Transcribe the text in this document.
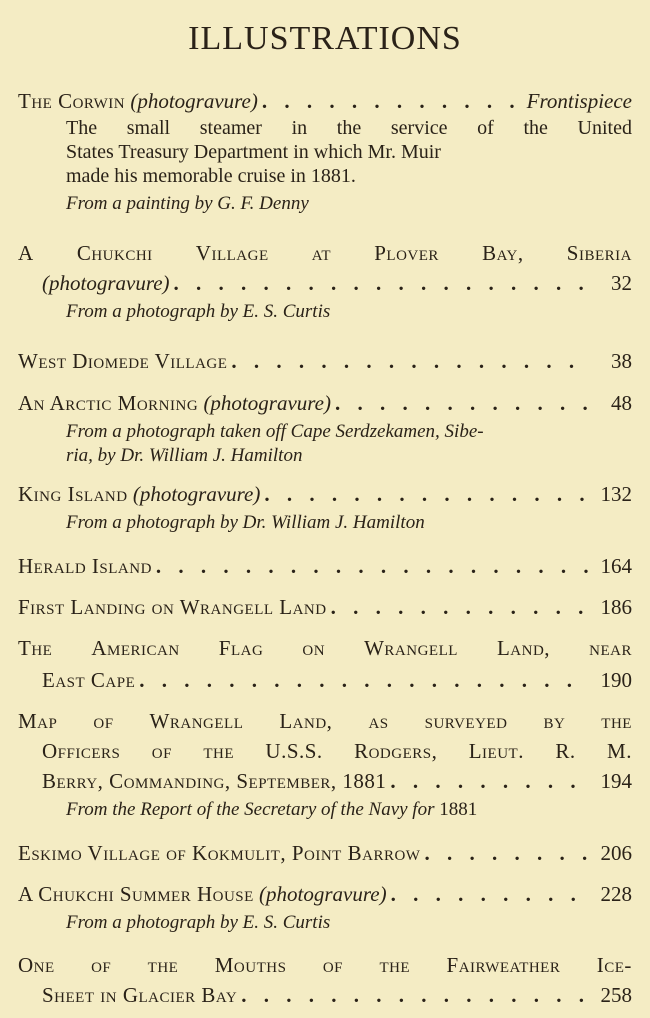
ILLUSTRATIONS
The Corwin
(photogravure) . . .	Frontispiece
The small steamer in the service of the United
States Treasury Department in which Mr. Muir
made his memorable cruise in 1881.
From a painting by G. F. Denny
A Chukchi Village at Plover Bay, Siberia
(photogravure) . . .	32
From a photograph by E. S. Curtis
West Diomede Village . . .	38
An Arctic Morning
(photogravure) . . .	48
From a photograph taken off Cape Serdzekamen, Sibe-
ria, by Dr. William J. Hamilton
King Island
(photogravure) . . .	132
From a photograph by Dr. William J. Hamilton
Herald Island . . .	164
First Landing on Wrangell Land . . .	186
The American Flag on Wrangell Land, near
East Cape . . .	190
Map of Wrangell Land, as surveyed by the
Officers of the U.S.S. Rodgers, Lieut. R. M.
Berry, Commanding, September, 1881 . . .	194
From the Report of the Secretary of the Navy for 1881
Eskimo Village of Kokmulit, Point Barrow . . .	206
A Chukchi Summer House
(photogravure) . . .	228
From a photograph by E. S. Curtis
One of the Mouths of the Fairweather Ice-
Sheet in Glacier Bay . . .	258
